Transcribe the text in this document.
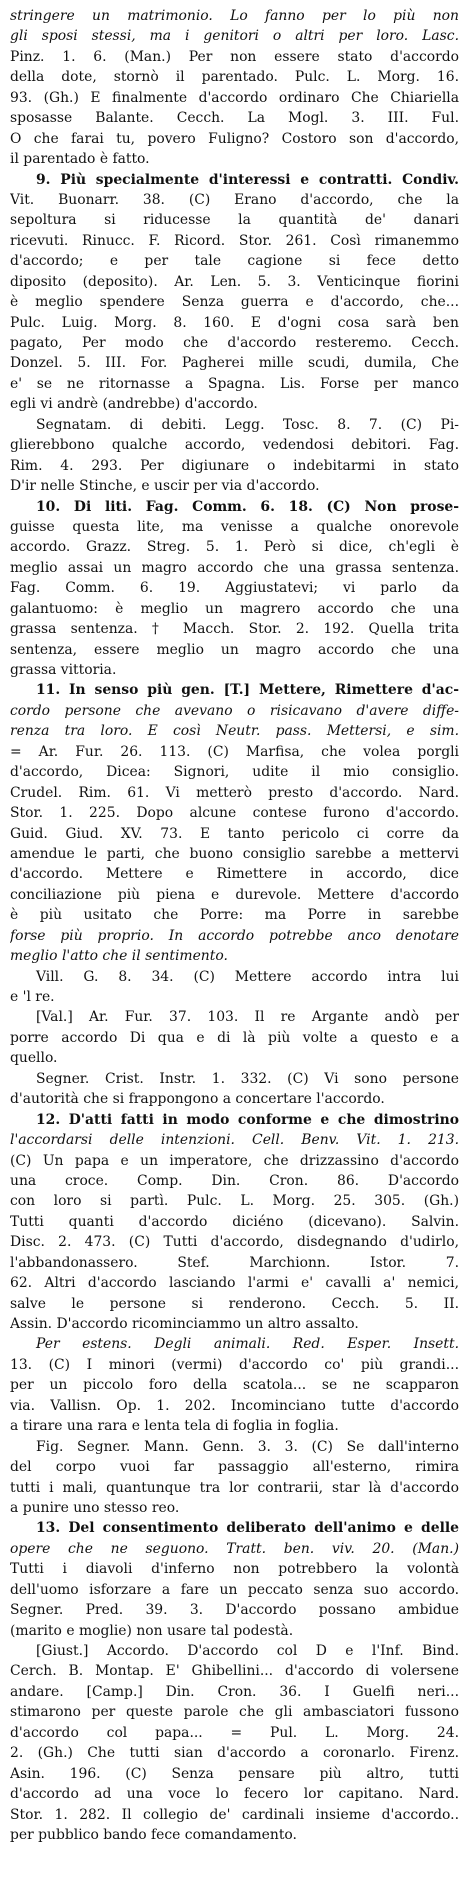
stringere un matrimonio. Lo fanno per lo più non
gli sposi stessi, ma i genitori o altri per loro. Lasc.
Pinz. 1. 6. (Man.) Per non essere stato d'accordo
della dote, stornò il parentado. Pulc. L. Morg. 16.
93. (Gh.) E finalmente d'accordo ordinaro Che Chiariella
sposasse Balante. Cecch. La Mogl. 3. III. Ful.
O che farai tu, povero Fuligno? Costoro son d'accordo,
il parentado è fatto.
9. Più specialmente d'interessi e contratti. Condiv.
Vit. Buonarr. 38. (C) Erano d'accordo, che la
sepoltura si riducesse la quantità de' danari
ricevuti. Rinucc. F. Ricord. Stor. 261. Così rimanemmo
d'accordo; e per tale cagione si fece detto
diposito (deposito). Ar. Len. 5. 3. Venticinque fiorini
è meglio spendere Senza guerra e d'accordo, che...
Pulc. Luig. Morg. 8. 160. E d'ogni cosa sarà ben
pagato, Per modo che d'accordo resteremo. Cecch.
Donzel. 5. III. For. Pagherei mille scudi, dumila, Che
e' se ne ritornasse a Spagna. Lis. Forse per manco
egli vi andrè (andrebbe) d'accordo.
Segnatam. di debiti. Legg. Tosc. 8. 7. (C) Pi-
glierebbono qualche accordo, vedendosi debitori. Fag.
Rim. 4. 293. Per digiunare o indebitarmi in stato
D'ir nelle Stinche, e uscir per via d'accordo.
10. Di liti. Fag. Comm. 6. 18. (C) Non prose-
guisse questa lite, ma venisse a qualche onorevole
accordo. Grazz. Streg. 5. 1. Però si dice, ch'egli è
meglio assai un magro accordo che una grassa sentenza.
Fag. Comm. 6. 19. Aggiustatevi; vi parlo da
galantuomo: è meglio un magrero accordo che una
grassa sentenza. † Macch. Stor. 2. 192. Quella trita
sentenza, essere meglio un magro accordo che una
grassa vittoria.
11. In senso più gen. [T.] Mettere, Rimettere d'ac-
cordo persone che avevano o risicavano d'avere diffe-
renza tra loro. E così Neutr. pass. Mettersi, e sim.
= Ar. Fur. 26. 113. (C) Marfisa, che volea porgli
d'accordo, Dicea: Signori, udite il mio consiglio.
Crudel. Rim. 61. Vi metterò presto d'accordo. Nard.
Stor. 1. 225. Dopo alcune contese furono d'accordo.
Guid. Giud. XV. 73. E tanto pericolo ci corre da
amendue le parti, che buono consiglio sarebbe a mettervi
d'accordo. Mettere e Rimettere in accordo, dice
conciliazione più piena e durevole. Mettere d'accordo
è più usitato che Porre: ma Porre in sarebbe
forse più proprio. In accordo potrebbe anco denotare
meglio l'atto che il sentimento.
Vill. G. 8. 34. (C) Mettere accordo intra lui
e 'l re.
[Val.] Ar. Fur. 37. 103. Il re Argante andò per
porre accordo Di qua e di là più volte a questo e a
quello.
Segner. Crist. Instr. 1. 332. (C) Vi sono persone
d'autorità che si frappongono a concertare l'accordo.
12. D'atti fatti in modo conforme e che dimostrino
l'accordarsi delle intenzioni. Cell. Benv. Vit. 1. 213.
(C) Un papa e un imperatore, che drizzassino d'accordo
una croce. Comp. Din. Cron. 86. D'accordo
con loro si partì. Pulc. L. Morg. 25. 305. (Gh.)
Tutti quanti d'accordo diciéno (dicevano). Salvin.
Disc. 2. 473. (C) Tutti d'accordo, disdegnando d'udirlo,
l'abbandonassero. Stef. Marchionn. Istor. 7.
62. Altri d'accordo lasciando l'armi e' cavalli a' nemici,
salve le persone si renderono. Cecch. 5. II.
Assin. D'accordo ricominciammo un altro assalto.
Per estens. Degli animali. Red. Esper. Insett.
13. (C) I minori (vermi) d'accordo co' più grandi...
per un piccolo foro della scatola... se ne scapparon
via. Vallisn. Op. 1. 202. Incominciano tutte d'accordo
a tirare una rara e lenta tela di foglia in foglia.
Fig. Segner. Mann. Genn. 3. 3. (C) Se dall'interno
del corpo vuoi far passaggio all'esterno, rimira
tutti i mali, quantunque tra lor contrarii, star là d'accordo
a punire uno stesso reo.
13. Del consentimento deliberato dell'animo e delle
opere che ne seguono. Tratt. ben. viv. 20. (Man.)
Tutti i diavoli d'inferno non potrebbero la volontà
dell'uomo isforzare a fare un peccato senza suo accordo.
Segner. Pred. 39. 3. D'accordo possano ambidue
(marito e moglie) non usare tal podestà.
[Giust.] Accordo. D'accordo col D e l'Inf. Bind.
Cerch. B. Montap. E' Ghibellini... d'accordo di volersene
andare. [Camp.] Din. Cron. 36. I Guelfi neri...
stimarono per queste parole che gli ambasciatori fussono
d'accordo col papa... = Pul. L. Morg. 24.
2. (Gh.) Che tutti sian d'accordo a coronarlo. Firenz.
Asin. 196. (C) Senza pensare più altro, tutti
d'accordo ad una voce lo fecero lor capitano. Nard.
Stor. 1. 282. Il collegio de' cardinali insieme d'accordo..
per pubblico bando fece comandamento.
